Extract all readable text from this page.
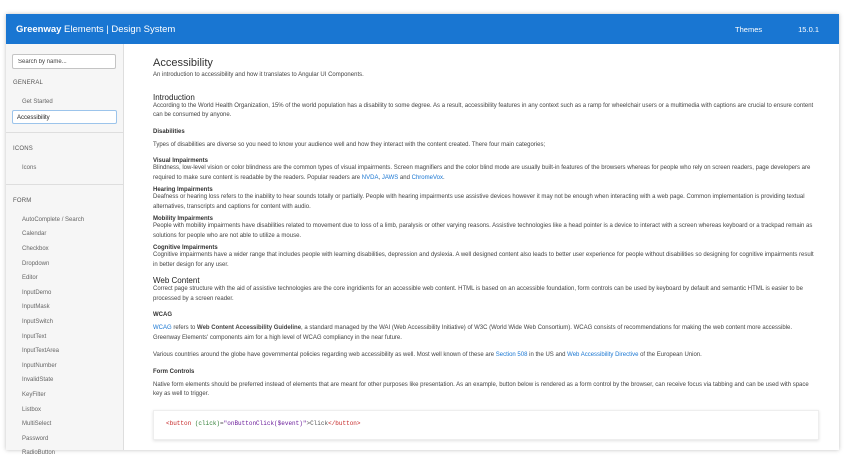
Greenway Elements | Design System	Themes	15.0.1
Search by name...
GENERAL
Get Started
Accessibility
ICONS
Icons
FORM
AutoComplete / Search
Calendar
Checkbox
Dropdown
Editor
InputDemo
InputMask
InputSwitch
InputText
InputTextArea
InputNumber
InvalidState
KeyFilter
Listbox
MultiSelect
Password
RadioButton
Accessibility

An introduction to accessibility and how it translates to Angular UI Components.

Introduction

According to the World Health Organization, 15% of the world population has a disability to some degree. As a result, accessibility features in any context such as a ramp for wheelchair users or a multimedia with captions are crucial to ensure content can be consumed by anyone.

Disabilities

Types of disabilities are diverse so you need to know your audience well and how they interact with the content created. There four main categories;

Visual Impairments

Blindness, low-level vision or color blindness are the common types of visual impairments. Screen magnifiers and the color blind mode are usually built-in features of the browsers whereas for people who rely on screen readers, page developers are required to make sure content is readable by the readers. Popular readers are NVDA, JAWS and ChromeVox.

Hearing Impairments

Deafness or hearing loss refers to the inability to hear sounds totally or partially. People with hearing impairments use assistive devices however it may not be enough when interacting with a web page. Common implementation is providing textual alternatives, transcripts and captions for content with audio.

Mobility Impairments

People with mobility impairments have disabilities related to movement due to loss of a limb, paralysis or other varying reasons. Assistive technologies like a head pointer is a device to interact with a screen whereas keyboard or a trackpad remain as solutions for people who are not able to utilize a mouse.

Cognitive Impairments

Cognitive impairments have a wider range that includes people with learning disabilities, depression and dyslexia. A well designed content also leads to better user experience for people without disabilities so designing for cognitive impairments result in better design for any user.

Web Content

Correct page structure with the aid of assistive technologies are the core ingridients for an accessible web content. HTML is based on an accessible foundation, form controls can be used by keyboard by default and semantic HTML is easier to be processed by a screen reader.

WCAG

WCAG refers to Web Content Accessibility Guideline, a standard managed by the WAI (Web Accessibility Initiative) of W3C (World Wide Web Consortium). WCAG consists of recommendations for making the web content more accessible. Greenway Elements' components aim for a high level of WCAG compliancy in the near future.

Various countries around the globe have governmental policies regarding web accessibility as well. Most well known of these are Section 508 in the US and Web Accessibility Directive of the European Union.

Form Controls

Native form elements should be preferred instead of elements that are meant for other purposes like presentation. As an example, button below is rendered as a form control by the browser, can receive focus via tabbing and can be used with space key as well to trigger.

<button (click)="onButtonClick($event)">Click</button>
